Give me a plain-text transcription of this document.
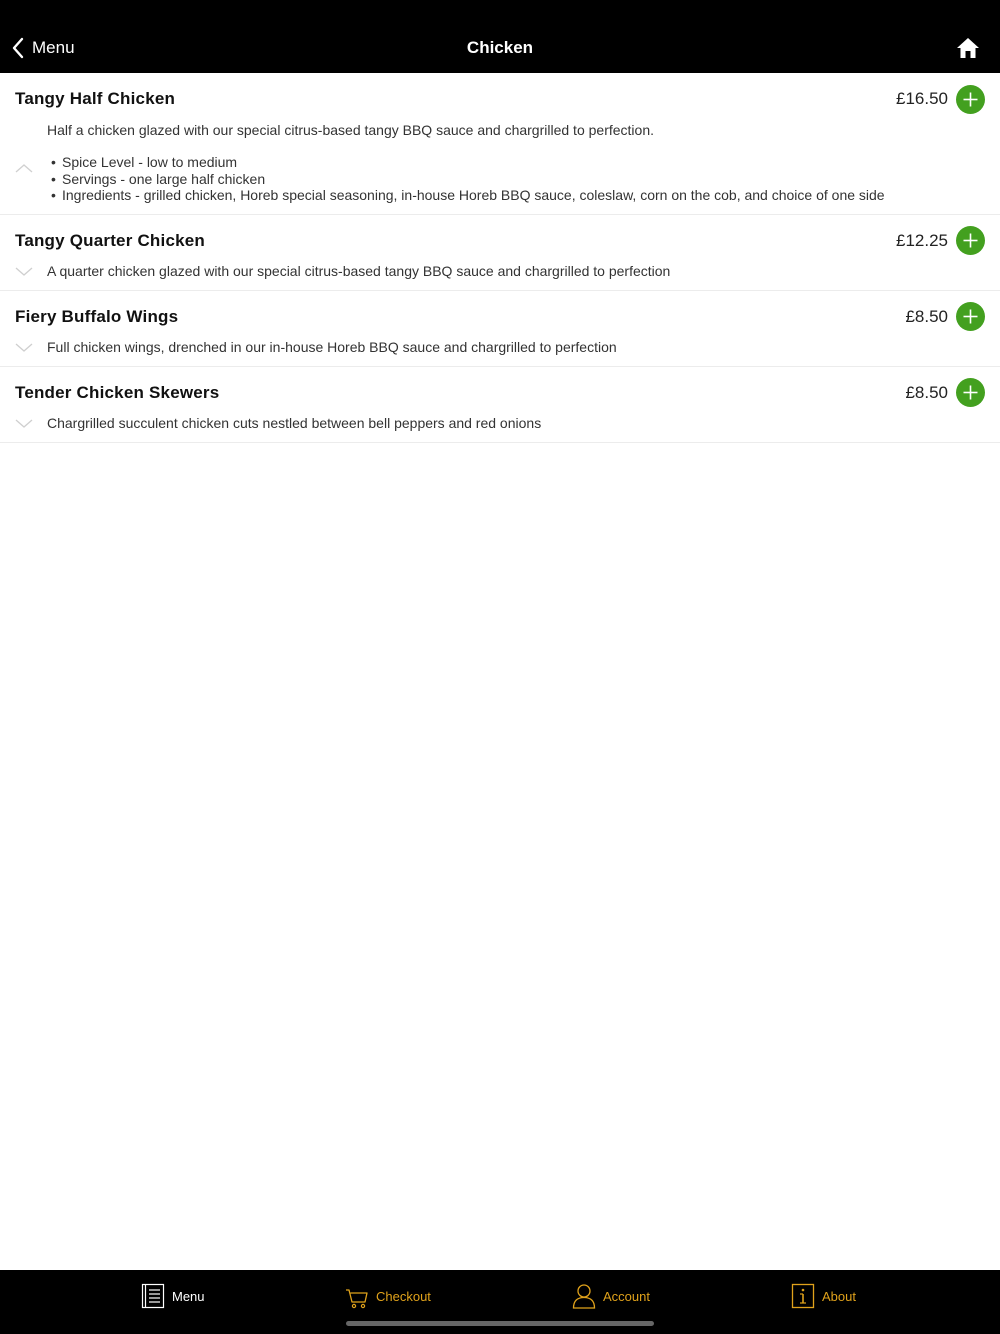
Menu	Chicken
Tangy Half Chicken	£16.50
Half a chicken glazed with our special citrus-based tangy BBQ sauce and chargrilled to perfection.
• Spice Level - low to medium
• Servings - one large half chicken
• Ingredients - grilled chicken, Horeb special seasoning, in-house Horeb BBQ sauce, coleslaw, corn on the cob, and choice of one side
Tangy Quarter Chicken	£12.25
A quarter chicken glazed with our special citrus-based tangy BBQ sauce and chargrilled to perfection
Fiery Buffalo Wings	£8.50
Full chicken wings, drenched in our in-house Horeb BBQ sauce and chargrilled to perfection
Tender Chicken Skewers	£8.50
Chargrilled succulent chicken cuts nestled between bell peppers and red onions
Menu	Checkout	Account	About
